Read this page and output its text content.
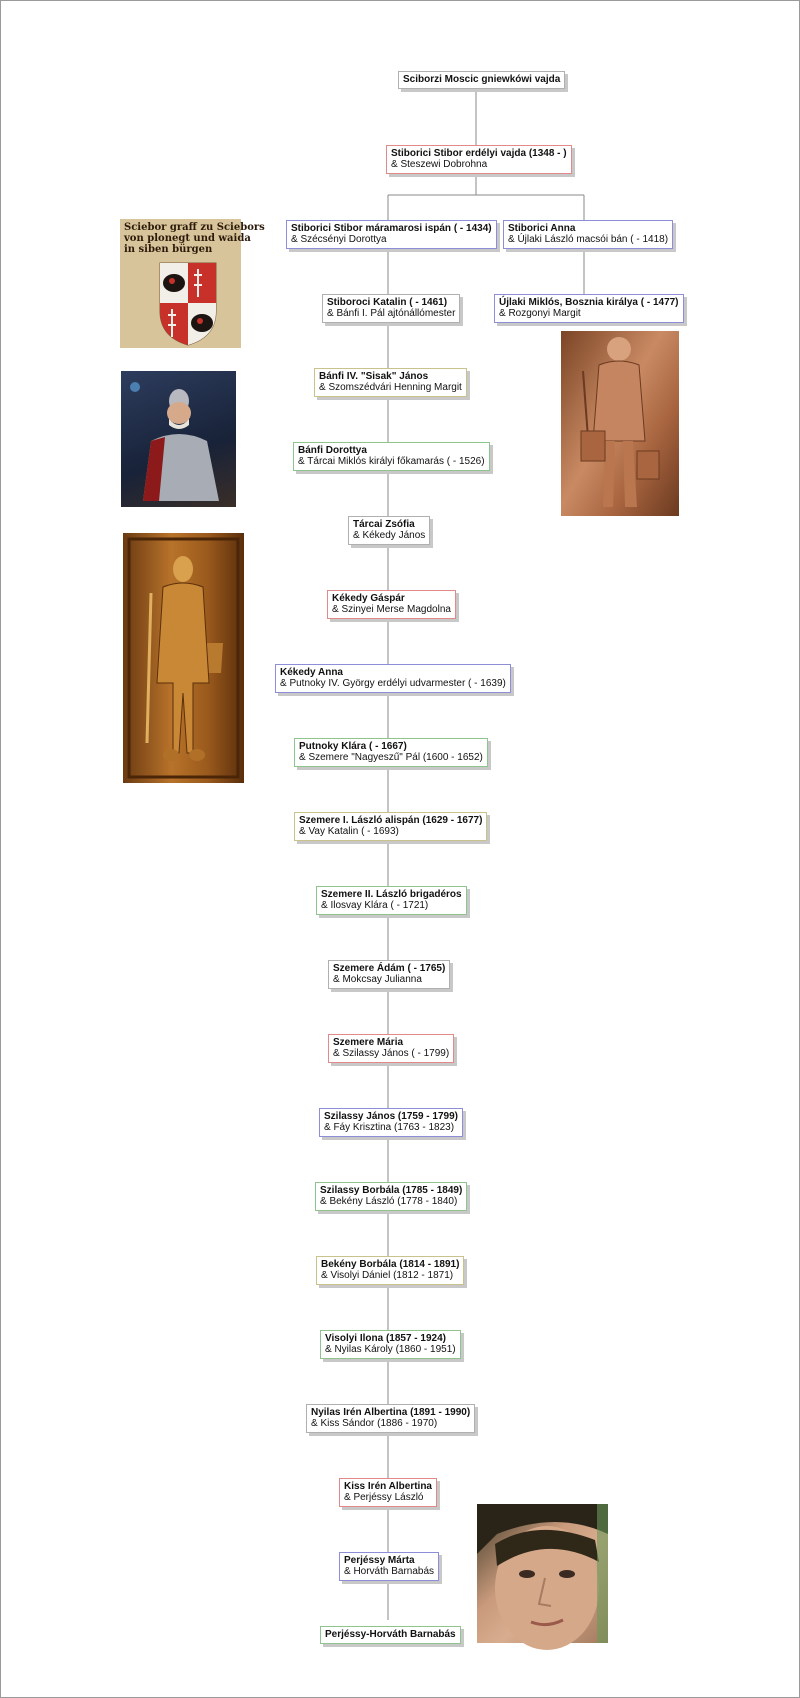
Sciborzi Moscic gniewkówi vajda
Stiborici Stibor erdélyi vajda (1348 - )
& Steszewi Dobrohna
Stiborici Stibor máramarosi ispán ( - 1434)
& Szécsényi Dorottya
Stiborici Anna
& Újlaki László macsói bán ( - 1418)
Stiboroci Katalin ( - 1461)
& Bánfi I. Pál ajtónállómester
Újlaki Miklós, Bosznia királya ( - 1477)
& Rozgonyi Margit
Bánfi IV. "Sisak" János
& Szomszédvári Henning Margit
Bánfi Dorottya
& Tárcai Miklós királyi főkamarás ( - 1526)
Tárcai Zsófia
& Kékedy János
Kékedy Gáspár
& Szinyei Merse Magdolna
Kékedy Anna
& Putnoky IV. György erdélyi udvarmester ( - 1639)
Putnoky Klára ( - 1667)
& Szemere "Nagyeszű" Pál (1600 - 1652)
Szemere I. László alispán (1629 - 1677)
& Vay Katalin ( - 1693)
Szemere II. László brigadéros
& Ilosvay Klára ( - 1721)
Szemere Ádám ( - 1765)
& Mokcsay Julianna
Szemere Mária
& Szilassy János ( - 1799)
Szilassy János (1759 - 1799)
& Fáy Krisztina (1763 - 1823)
Szilassy Borbála (1785 - 1849)
& Bekény László (1778 - 1840)
Bekény Borbála (1814 - 1891)
& Visolyi Dániel (1812 - 1871)
Visolyi Ilona (1857 - 1924)
& Nyilas Károly (1860 - 1951)
Nyilas Irén Albertina (1891 - 1990)
& Kiss Sándor (1886 - 1970)
Kiss Irén Albertina
& Perjéssy László
Perjéssy Márta
& Horváth Barnabás
Perjéssy-Horváth Barnabás
Sciebor graff zu Sciebors
von plonegt und waida
in siben bürgen
